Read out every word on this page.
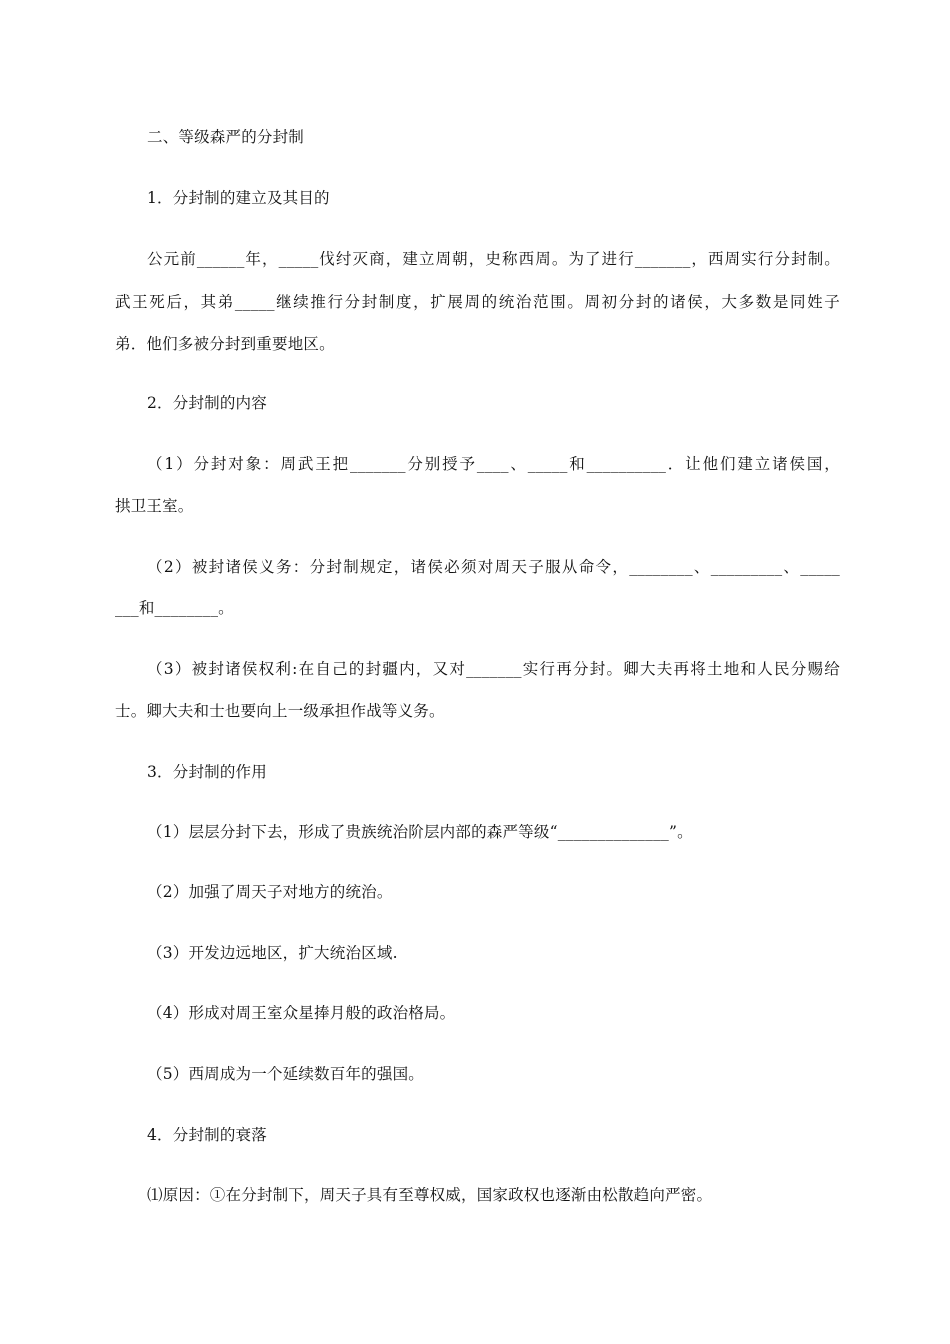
二、等级森严的分封制
1．分封制的建立及其目的
公元前______年，_____伐纣灭商，建立周朝，史称西周。为了进行_______，西周实行分封制。
武王死后，其弟_____继续推行分封制度，扩展周的统治范围。周初分封的诸侯，大多数是同姓子
弟．他们多被分封到重要地区。
2．分封制的内容
（1）分封对象：周武王把_______分别授予____、_____和__________．让他们建立诸侯国，
拱卫王室。
（2）被封诸侯义务：分封制规定，诸侯必须对周天子服从命令，________、_________、_____
___和________。
（3）被封诸侯权利:在自己的封疆内，又对_______实行再分封。卿大夫再将土地和人民分赐给
士。卿大夫和士也要向上一级承担作战等义务。
3．分封制的作用
（1）层层分封下去，形成了贵族统治阶层内部的森严等级“______________”。
（2）加强了周天子对地方的统治。
（3）开发边远地区，扩大统治区域.
（4）形成对周王室众星捧月般的政治格局。
（5）西周成为一个延续数百年的强国。
4．分封制的衰落
⑴原因：①在分封制下，周天子具有至尊权威，国家政权也逐渐由松散趋向严密。
